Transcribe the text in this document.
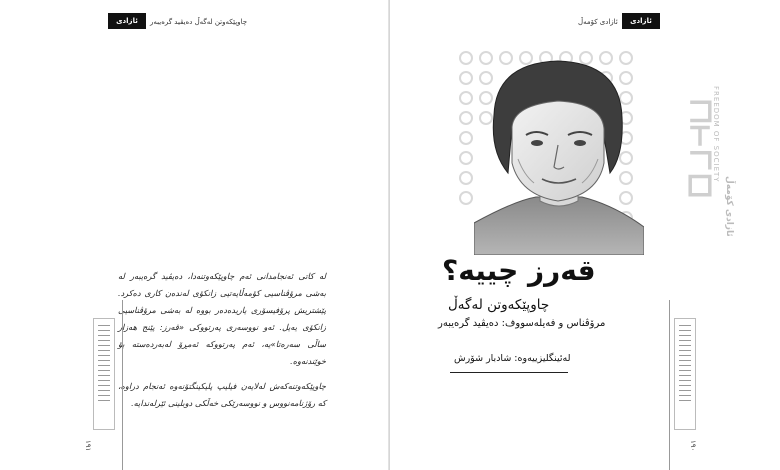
ئازادی	چاوپێکەوتن لەگەڵ دەیڤید گرەیبەر

لە کاتی ئەنجامدانی ئەم چاوپێکەوتنەدا، دەیڤید گرەیبەر لە بەشی مرۆڤناسیی کۆمەڵایەتیی زانکۆی لەندەن کاری دەکرد. پێشتریش پرۆفیسۆری یاریدەدەر بووە لە بەشی مرۆڤناسیی زانکۆی یەیل. ئەو نووسەری پەرتووکی «قەرز: پێنج هەزار ساڵی سەرەتا»یە، ئەم پەرتووکە ئەمڕۆ لەبەردەستە بۆ خوێندنەوە.

چاوپێکەوتنەکەش لەلایەن فیلیپ پلیکینگتۆنەوە ئەنجام دراوە، کە رۆژنامەنووس و نووسەرێکی خەڵکی دوبلینی ئێرلەندایە.

١٩١
ئازادی
ئازادی کۆمەڵ
FREEDOM OF SOCIETY
ئازادی کۆمەڵ
قەرز چییە؟
چاوپێکەوتن لەگەڵ
مرۆڤناس و فەیلەسووف: دەیڤید گرەیبەر
لەئینگلیزییەوە: شادبار شۆرش
١٩٠
